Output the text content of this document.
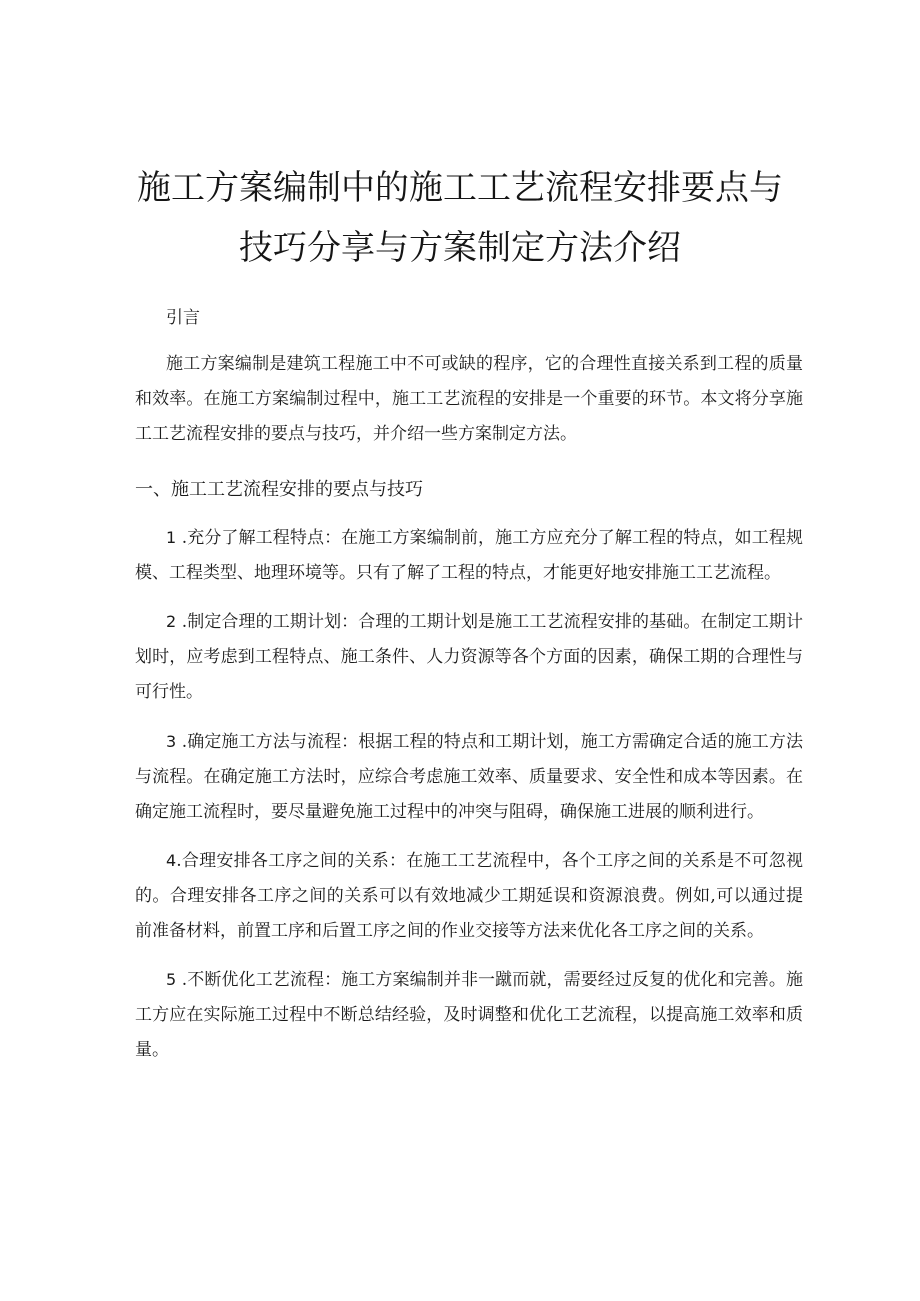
施工方案编制中的施工工艺流程安排要点与
技巧分享与方案制定方法介绍
引言
施工方案编制是建筑工程施工中不可或缺的程序，它的合理性直接关系到工程的质量和效率。在施工方案编制过程中，施工工艺流程的安排是一个重要的环节。本文将分享施工工艺流程安排的要点与技巧，并介绍一些方案制定方法。
一、施工工艺流程安排的要点与技巧
1 .充分了解工程特点：在施工方案编制前，施工方应充分了解工程的特点，如工程规模、工程类型、地理环境等。只有了解了工程的特点，才能更好地安排施工工艺流程。
2 .制定合理的工期计划：合理的工期计划是施工工艺流程安排的基础。在制定工期计划时，应考虑到工程特点、施工条件、人力资源等各个方面的因素，确保工期的合理性与可行性。
3 .确定施工方法与流程：根据工程的特点和工期计划，施工方需确定合适的施工方法与流程。在确定施工方法时，应综合考虑施工效率、质量要求、安全性和成本等因素。在确定施工流程时，要尽量避免施工过程中的冲突与阻碍，确保施工进展的顺利进行。
4.合理安排各工序之间的关系：在施工工艺流程中，各个工序之间的关系是不可忽视的。合理安排各工序之间的关系可以有效地减少工期延误和资源浪费。例如,可以通过提前准备材料，前置工序和后置工序之间的作业交接等方法来优化各工序之间的关系。
5 .不断优化工艺流程：施工方案编制并非一蹴而就，需要经过反复的优化和完善。施工方应在实际施工过程中不断总结经验，及时调整和优化工艺流程，以提高施工效率和质量。
